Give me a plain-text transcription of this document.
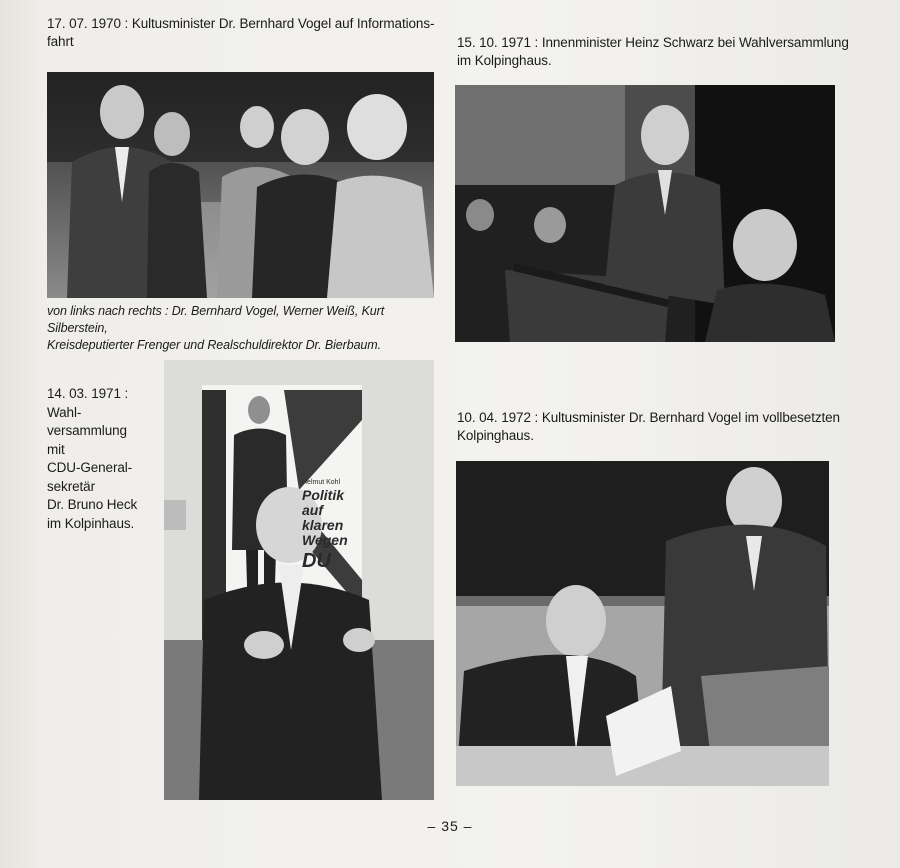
17. 07. 1970 : Kultusminister Dr. Bernhard Vogel auf Informations-
fahrt
von links nach rechts : Dr. Bernhard Vogel, Werner Weiß, Kurt Silberstein,
Kreisdeputierter Frenger und Realschuldirektor Dr. Bierbaum.
15. 10. 1971 : Innenminister Heinz Schwarz bei Wahlversammlung
im Kolpinghaus.
14. 03. 1971 :
Wahl-
versammlung
mit
CDU-General-
sekretär
Dr. Bruno Heck
im Kolpinhaus.
Helmut Kohl
Politik
auf
klaren
Wegen
DU
10. 04. 1972 : Kultusminister Dr. Bernhard Vogel im vollbesetzten
Kolpinghaus.
– 35 –
